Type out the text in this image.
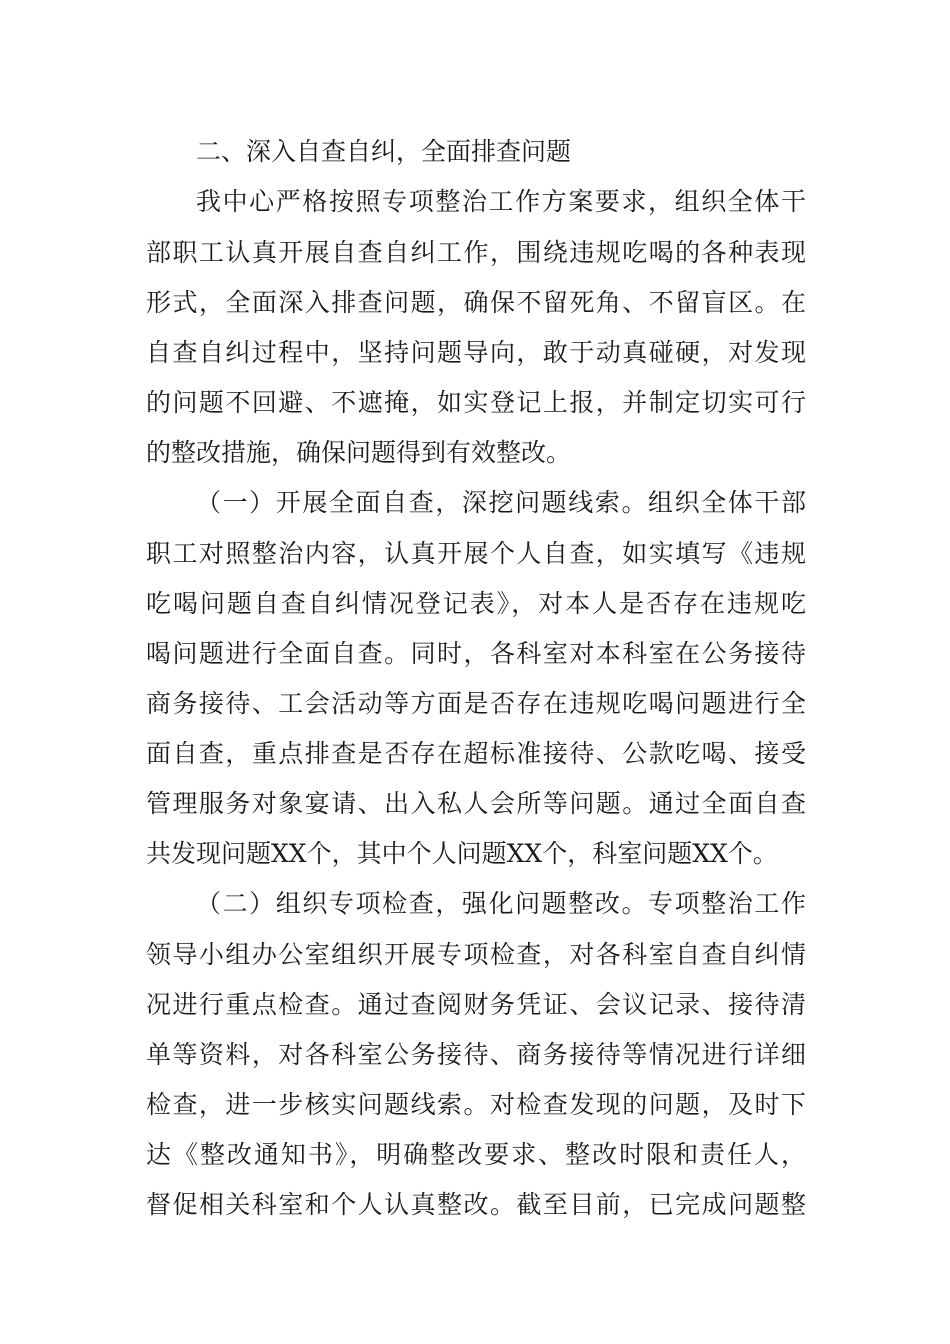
二、深入自查自纠，全面排查问题
我中心严格按照专项整治工作方案要求，组织全体干
部职工认真开展自查自纠工作，围绕违规吃喝的各种表现
形式，全面深入排查问题，确保不留死角、不留盲区。在
自查自纠过程中，坚持问题导向，敢于动真碰硬，对发现
的问题不回避、不遮掩，如实登记上报，并制定切实可行
的整改措施，确保问题得到有效整改。
（一）开展全面自查，深挖问题线索。组织全体干部
职工对照整治内容，认真开展个人自查，如实填写《违规
吃喝问题自查自纠情况登记表》，对本人是否存在违规吃
喝问题进行全面自查。同时，各科室对本科室在公务接待
商务接待、工会活动等方面是否存在违规吃喝问题进行全
面自查，重点排查是否存在超标准接待、公款吃喝、接受
管理服务对象宴请、出入私人会所等问题。通过全面自查
共发现问题XX个，其中个人问题XX个，科室问题XX个。
（二）组织专项检查，强化问题整改。专项整治工作
领导小组办公室组织开展专项检查，对各科室自查自纠情
况进行重点检查。通过查阅财务凭证、会议记录、接待清
单等资料，对各科室公务接待、商务接待等情况进行详细
检查，进一步核实问题线索。对检查发现的问题，及时下
达《整改通知书》，明确整改要求、整改时限和责任人，
督促相关科室和个人认真整改。截至目前，已完成问题整
